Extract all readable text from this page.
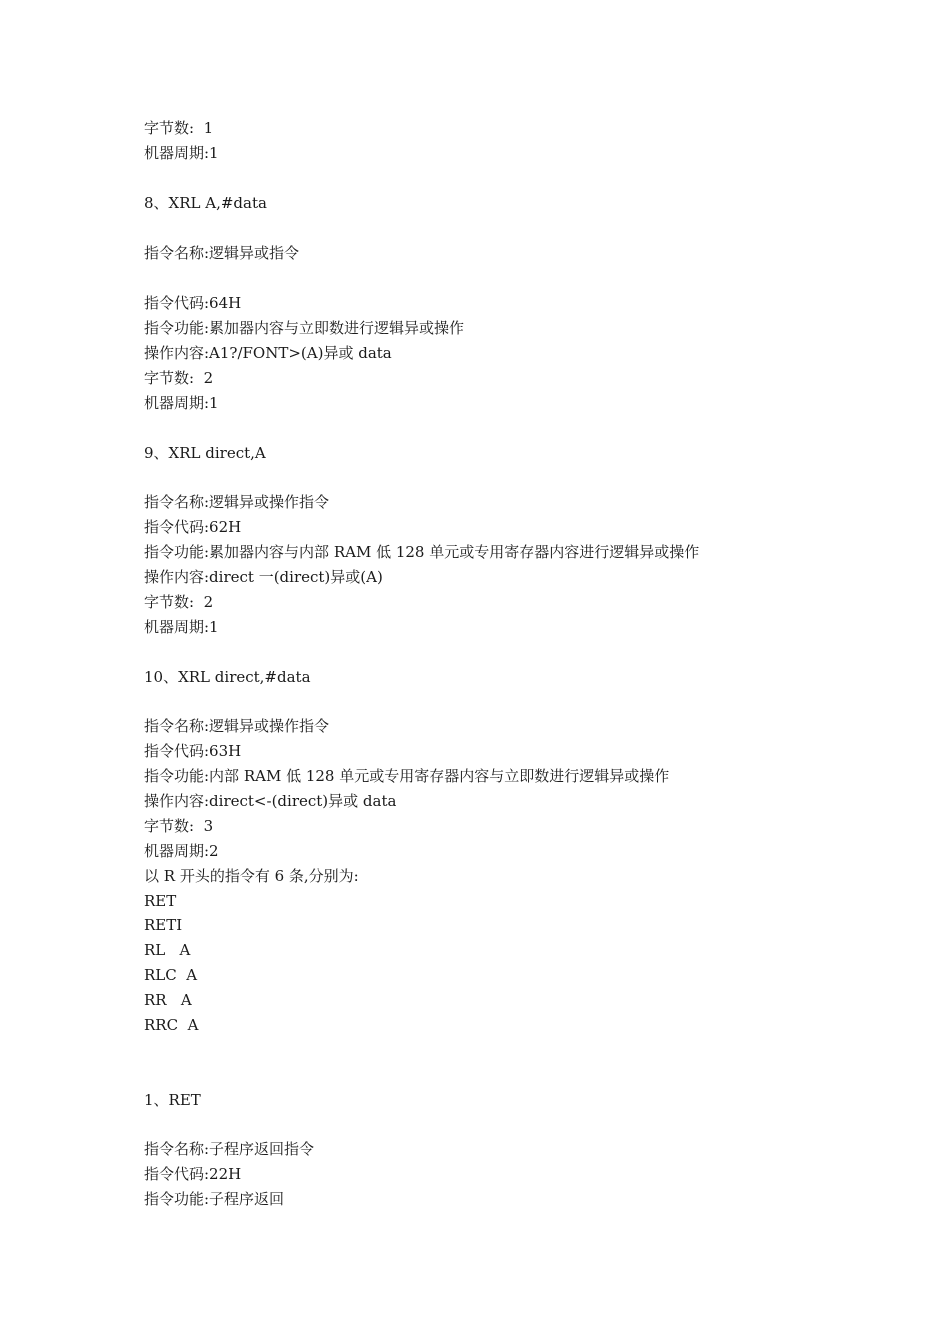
字节数:  1
机器周期:1
8、XRL A,#data
指令名称:逻辑异或指令
指令代码:64H
指令功能:累加器内容与立即数进行逻辑异或操作
操作内容:A1?/FONT>(A)异或 data
字节数:  2
机器周期:1
9、XRL direct,A
指令名称:逻辑异或操作指令
指令代码:62H
指令功能:累加器内容与内部 RAM 低 128 单元或专用寄存器内容进行逻辑异或操作
操作内容:direct 一(direct)异或(A)
字节数:  2
机器周期:1
10、XRL direct,#data
指令名称:逻辑异或操作指令
指令代码:63H
指令功能:内部 RAM 低 128 单元或专用寄存器内容与立即数进行逻辑异或操作
操作内容:direct<-(direct)异或 data
字节数:  3
机器周期:2
以 R 开头的指令有 6 条,分别为:
RET
RETI
RL   A
RLC  A
RR   A
RRC  A
1、RET
指令名称:子程序返回指令
指令代码:22H
指令功能:子程序返回
